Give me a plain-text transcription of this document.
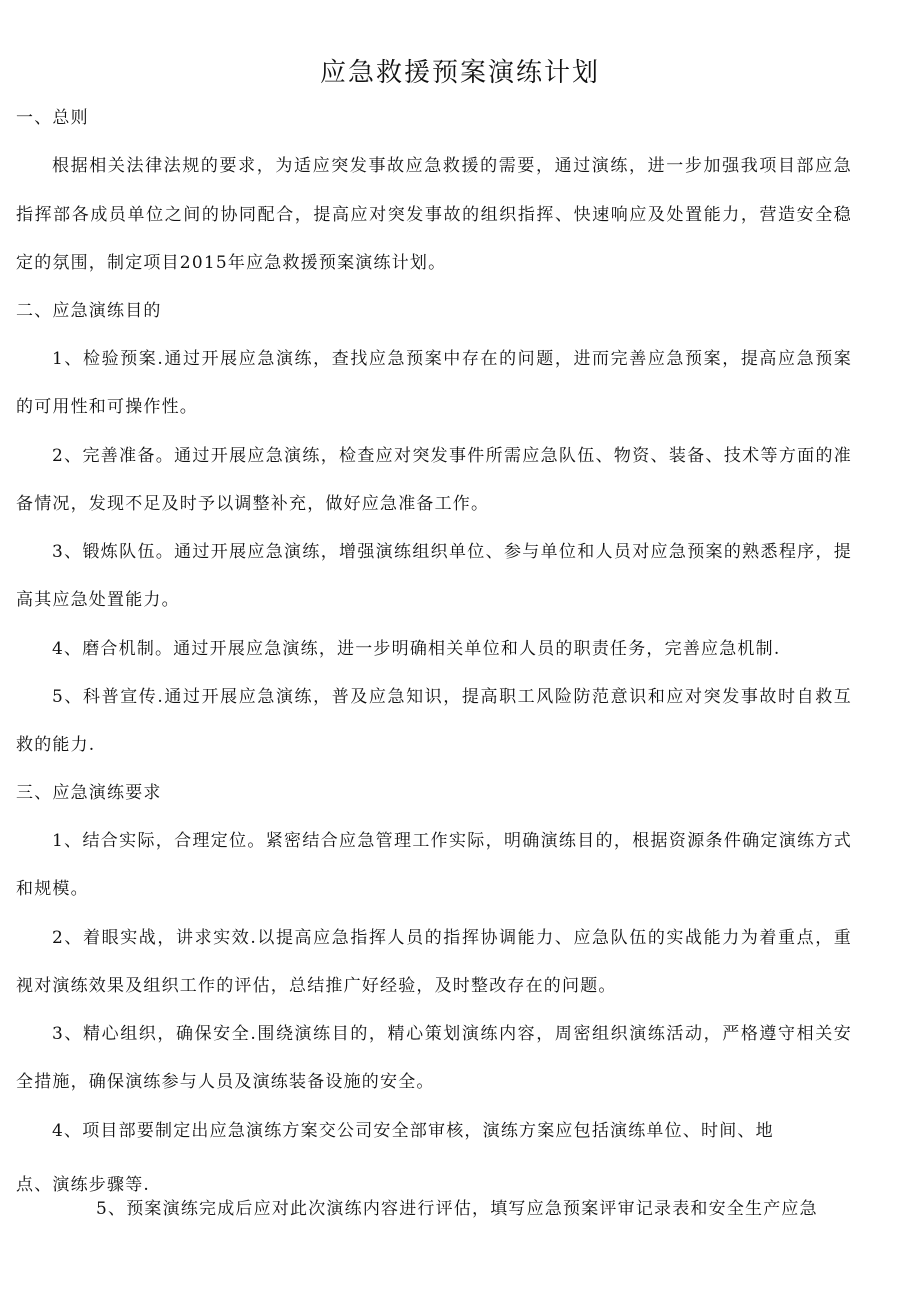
应急救援预案演练计划
一、总则
根据相关法律法规的要求，为适应突发事故应急救援的需要，通过演练，进一步加强我项目部应急
指挥部各成员单位之间的协同配合，提高应对突发事故的组织指挥、快速响应及处置能力，营造安全稳
定的氛围，制定项目2015年应急救援预案演练计划。
二、应急演练目的
1、检验预案.通过开展应急演练，查找应急预案中存在的问题，进而完善应急预案，提高应急预案
的可用性和可操作性。
2、完善准备。通过开展应急演练，检查应对突发事件所需应急队伍、物资、装备、技术等方面的准
备情况，发现不足及时予以调整补充，做好应急准备工作。
3、锻炼队伍。通过开展应急演练，增强演练组织单位、参与单位和人员对应急预案的熟悉程序，提
高其应急处置能力。
4、磨合机制。通过开展应急演练，进一步明确相关单位和人员的职责任务，完善应急机制.
5、科普宣传.通过开展应急演练，普及应急知识，提高职工风险防范意识和应对突发事故时自救互
救的能力.
三、应急演练要求
1、结合实际，合理定位。紧密结合应急管理工作实际，明确演练目的，根据资源条件确定演练方式
和规模。
2、着眼实战，讲求实效.以提高应急指挥人员的指挥协调能力、应急队伍的实战能力为着重点，重
视对演练效果及组织工作的评估，总结推广好经验，及时整改存在的问题。
3、精心组织，确保安全.围绕演练目的，精心策划演练内容，周密组织演练活动，严格遵守相关安
全措施，确保演练参与人员及演练装备设施的安全。
4、项目部要制定出应急演练方案交公司安全部审核，演练方案应包括演练单位、时间、地
点、演练步骤等.
5、预案演练完成后应对此次演练内容进行评估，填写应急预案评审记录表和安全生产应急
